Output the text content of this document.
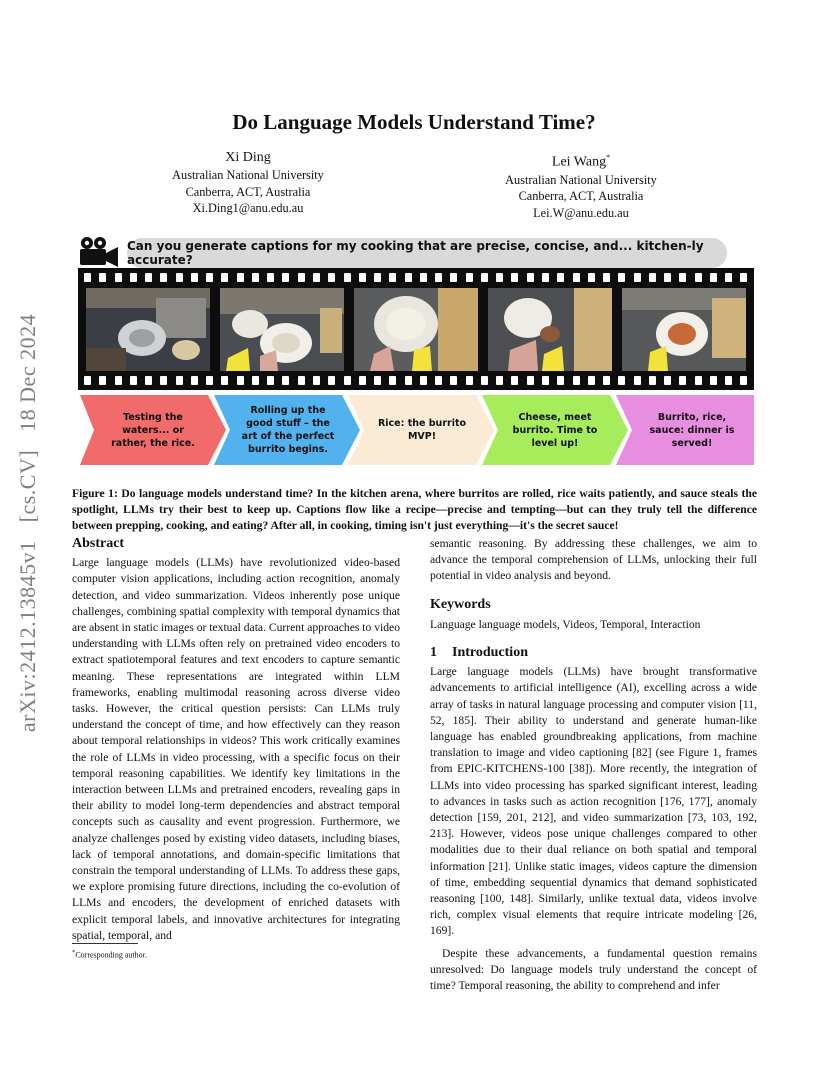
Do Language Models Understand Time?
Xi Ding
Australian National University
Canberra, ACT, Australia
Xi.Ding1@anu.edu.au
Lei Wang*
Australian National University
Canberra, ACT, Australia
Lei.W@anu.edu.au
arXiv:2412.13845v1[cs.CV]18 Dec 2024
Can you generate captions for my cooking that are precise, concise, and... kitchen-ly accurate?
Testing the waters... or rather, the rice.
Rolling up the good stuff – the art of the perfect burrito begins.
Rice: the burrito MVP!
Cheese, meet burrito. Time to level up!
Burrito, rice, sauce: dinner is served!
Figure 1: Do language models understand time? In the kitchen arena, where burritos are rolled, rice waits patiently, and sauce steals the spotlight, LLMs try their best to keep up. Captions flow like a recipe—precise and tempting—but can they truly tell the difference between prepping, cooking, and eating? After all, in cooking, timing isn't just everything—it's the secret sauce!
Abstract

Large language models (LLMs) have revolutionized video-based computer vision applications, including action recognition, anomaly detection, and video summarization. Videos inherently pose unique challenges, combining spatial complexity with temporal dynamics that are absent in static images or textual data. Current approaches to video understanding with LLMs often rely on pretrained video encoders to extract spatiotemporal features and text encoders to capture semantic meaning. These representations are integrated within LLM frameworks, enabling multimodal reasoning across diverse video tasks. However, the critical question persists: Can LLMs truly understand the concept of time, and how effectively can they reason about temporal relationships in videos? This work critically examines the role of LLMs in video processing, with a specific focus on their temporal reasoning capabilities. We identify key limitations in the interaction between LLMs and pretrained encoders, revealing gaps in their ability to model long-term dependencies and abstract temporal concepts such as causality and event progression. Furthermore, we analyze challenges posed by existing video datasets, including biases, lack of temporal annotations, and domain-specific limitations that constrain the temporal understanding of LLMs. To address these gaps, we explore promising future directions, including the co-evolution of LLMs and encoders, the development of enriched datasets with explicit temporal labels, and innovative architectures for integrating spatial, temporal, and

*Corresponding author.

semantic reasoning. By addressing these challenges, we aim to advance the temporal comprehension of LLMs, unlocking their full potential in video analysis and beyond.

Keywords

Language language models, Videos, Temporal, Interaction

1 Introduction

Large language models (LLMs) have brought transformative advancements to artificial intelligence (AI), excelling across a wide array of tasks in natural language processing and computer vision [11, 52, 185]. Their ability to understand and generate human-like language has enabled groundbreaking applications, from machine translation to image and video captioning [82] (see Figure 1, frames from EPIC-KITCHENS-100 [38]). More recently, the integration of LLMs into video processing has sparked significant interest, leading to advances in tasks such as action recognition [176, 177], anomaly detection [159, 201, 212], and video summarization [73, 103, 192, 213]. However, videos pose unique challenges compared to other modalities due to their dual reliance on both spatial and temporal information [21]. Unlike static images, videos capture the dimension of time, embedding sequential dynamics that demand sophisticated reasoning [100, 148]. Similarly, unlike textual data, videos involve rich, complex visual elements that require intricate modeling [26, 169].

Despite these advancements, a fundamental question remains unresolved: Do language models truly understand the concept of time? Temporal reasoning, the ability to comprehend and infer
